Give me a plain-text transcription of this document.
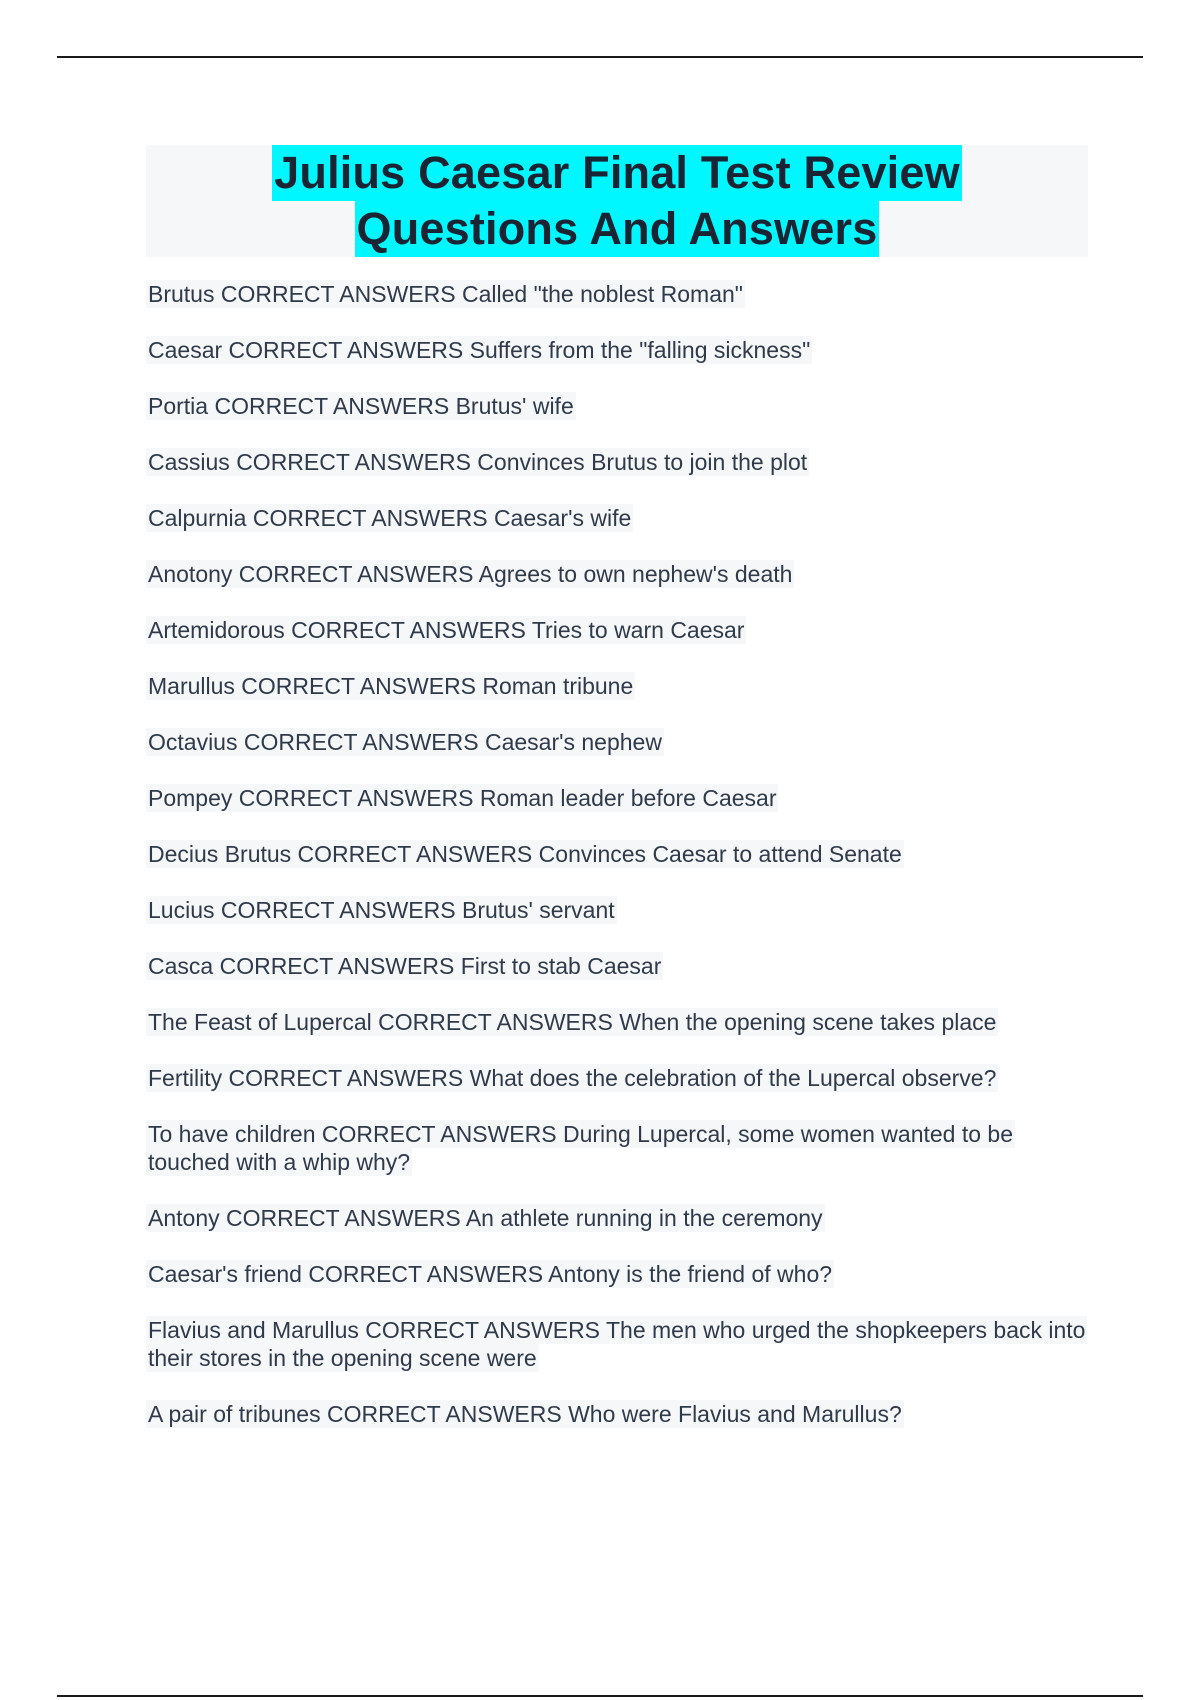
Julius Caesar Final Test Review
Questions And Answers

Brutus CORRECT ANSWERS Called "the noblest Roman"

Caesar CORRECT ANSWERS Suffers from the "falling sickness"

Portia CORRECT ANSWERS Brutus' wife

Cassius CORRECT ANSWERS Convinces Brutus to join the plot

Calpurnia CORRECT ANSWERS Caesar's wife

Anotony CORRECT ANSWERS Agrees to own nephew's death

Artemidorous CORRECT ANSWERS Tries to warn Caesar

Marullus CORRECT ANSWERS Roman tribune

Octavius CORRECT ANSWERS Caesar's nephew

Pompey CORRECT ANSWERS Roman leader before Caesar

Decius Brutus CORRECT ANSWERS Convinces Caesar to attend Senate

Lucius CORRECT ANSWERS Brutus' servant

Casca CORRECT ANSWERS First to stab Caesar

The Feast of Lupercal CORRECT ANSWERS When the opening scene takes place

Fertility CORRECT ANSWERS What does the celebration of the Lupercal observe?

To have children CORRECT ANSWERS During Lupercal, some women wanted to be touched with a whip why?

Antony CORRECT ANSWERS An athlete running in the ceremony

Caesar's friend CORRECT ANSWERS Antony is the friend of who?

Flavius and Marullus CORRECT ANSWERS The men who urged the shopkeepers back into their stores in the opening scene were

A pair of tribunes CORRECT ANSWERS Who were Flavius and Marullus?
